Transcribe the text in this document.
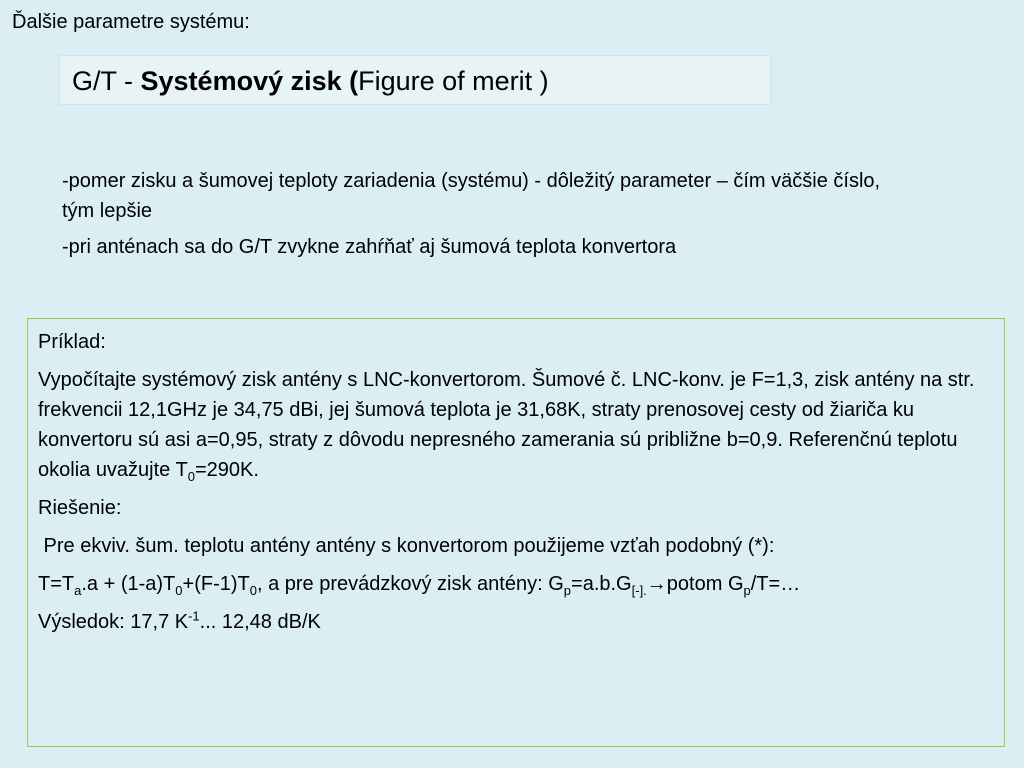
Ďalšie parametre systému:
G/T - Systémový zisk (Figure of merit )

-pomer zisku a šumovej teploty zariadenia (systému) - dôležitý parameter – čím väčšie číslo, tým lepšie

-pri anténach sa do G/T zvykne zahŕňať aj šumová teplota konvertora

Príklad:

Vypočítajte systémový zisk antény s LNC-konvertorom. Šumové č. LNC-konv. je F=1,3, zisk antény na str. frekvencii 12,1GHz je 34,75 dBi, jej šumová teplota je 31,68K, straty prenosovej cesty od žiariča ku konvertoru sú asi a=0,95, straty z dôvodu nepresného zamerania sú približne b=0,9. Referenčnú teplotu okolia uvažujte $T_0=290K$.

Riešenie:

Pre ekviv. šum. teplotu antény antény s konvertorom použijeme vzťah podobný (*):

$T=T_a.a + (1-a)T_0+(F-1)T_0$, a pre prevádzkový zisk antény: $G_p=a.b.G_{[-].}\to potom$ $G_p/T=\dots$

Výsledok: 17,7 $K^{-1}$... 12,48 dB/K
